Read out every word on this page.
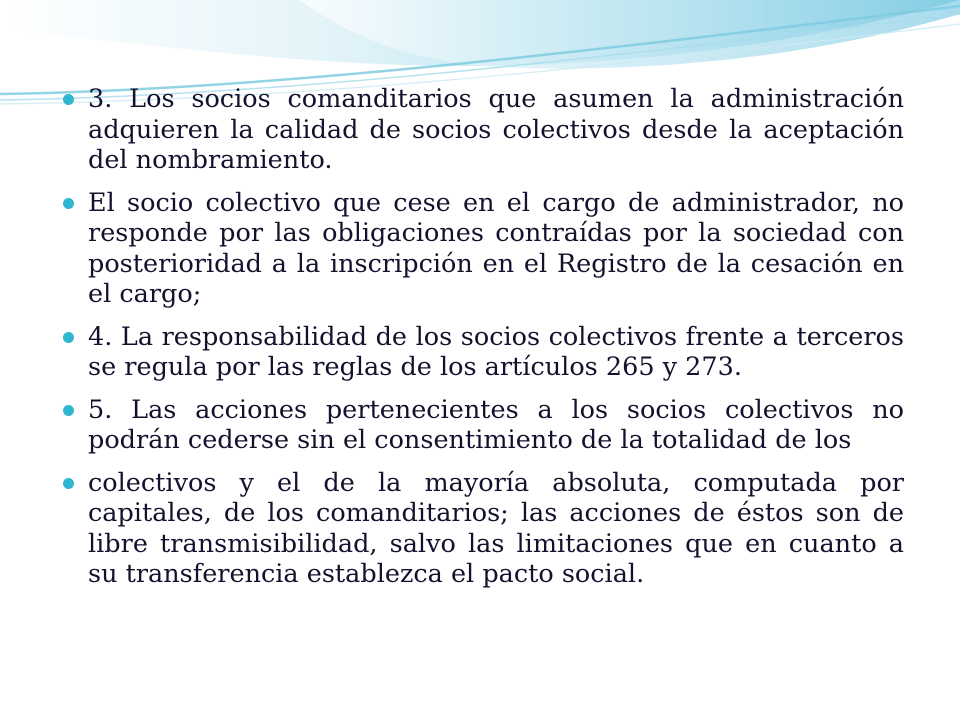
3. Los socios comanditarios que asumen la administración adquieren la calidad de socios colectivos desde la aceptación del nombramiento.
El socio colectivo que cese en el cargo de administrador, no responde por las obligaciones contraídas por la sociedad con posterioridad a la inscripción en el Registro de la cesación en el cargo;
4. La responsabilidad de los socios colectivos frente a terceros se regula por las reglas de los artículos 265 y 273.
5. Las acciones pertenecientes a los socios colectivos no podrán cederse sin el consentimiento de la totalidad de los
colectivos y el de la mayoría absoluta, computada por capitales, de los comanditarios; las acciones de éstos son de libre transmisibilidad, salvo las limitaciones que en cuanto a su transferencia establezca el pacto social.
